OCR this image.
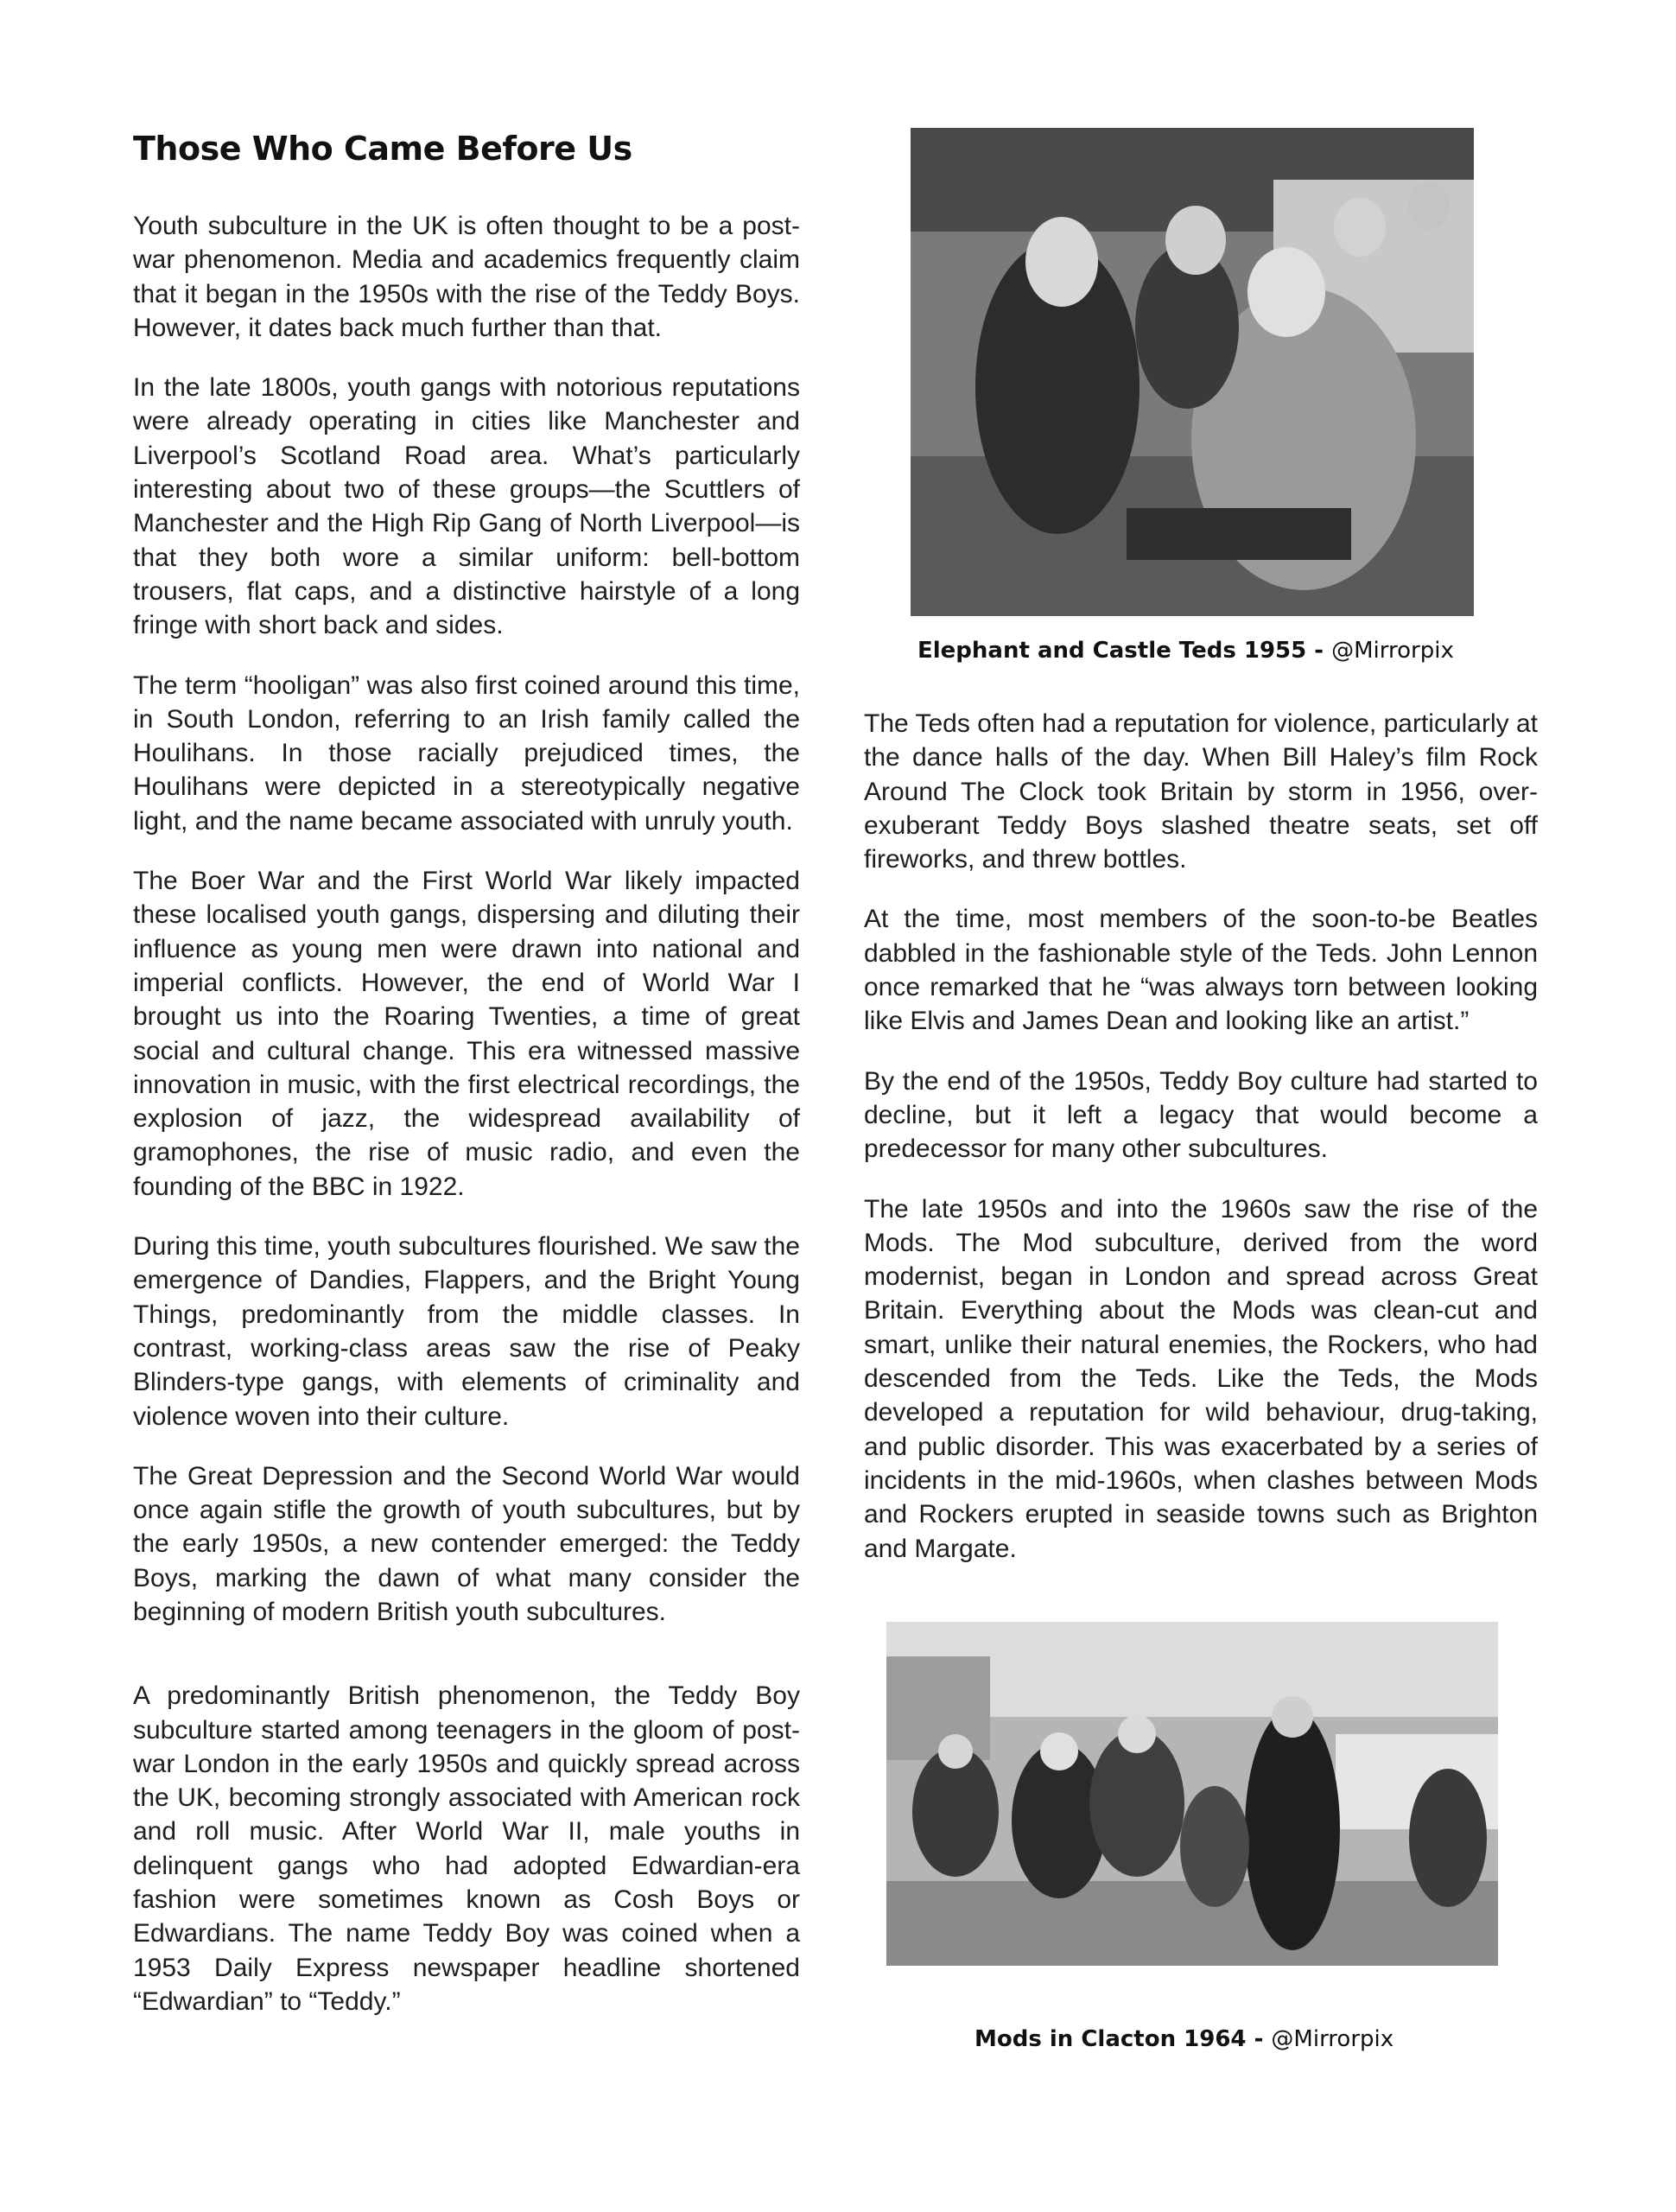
Those Who Came Before Us

Youth subculture in the UK is often thought to be a post-war phenomenon. Media and academics frequently claim that it began in the 1950s with the rise of the Teddy Boys. However, it dates back much further than that.

In the late 1800s, youth gangs with notorious reputations were already operating in cities like Manchester and Liverpool’s Scotland Road area. What’s particularly interesting about two of these groups—the Scuttlers of Manchester and the High Rip Gang of North Liverpool—is that they both wore a similar uniform: bell-bottom trousers, flat caps, and a distinctive hairstyle of a long fringe with short back and sides.

The term “hooligan” was also first coined around this time, in South London, referring to an Irish family called the Houlihans. In those racially prejudiced times, the Houlihans were depicted in a stereotypically negative light, and the name became associated with unruly youth.

The Boer War and the First World War likely impacted these localised youth gangs, dispersing and diluting their influence as young men were drawn into national and imperial conflicts. However, the end of World War I brought us into the Roaring Twenties, a time of great social and cultural change. This era witnessed massive innovation in music, with the first electrical recordings, the explosion of jazz, the widespread availability of gramophones, the rise of music radio, and even the founding of the BBC in 1922.

During this time, youth subcultures flourished. We saw the emergence of Dandies, Flappers, and the Bright Young Things, predominantly from the middle classes. In contrast, working-class areas saw the rise of Peaky Blinders-type gangs, with elements of criminality and violence woven into their culture.

The Great Depression and the Second World War would once again stifle the growth of youth subcultures, but by the early 1950s, a new contender emerged: the Teddy Boys, marking the dawn of what many consider the beginning of modern British youth subcultures.

A predominantly British phenomenon, the Teddy Boy subculture started among teenagers in the gloom of post-war London in the early 1950s and quickly spread across the UK, becoming strongly associated with American rock and roll music. After World War II, male youths in delinquent gangs who had adopted Edwardian-era fashion were sometimes known as Cosh Boys or Edwardians. The name Teddy Boy was coined when a 1953 Daily Express newspaper headline shortened “Edwardian” to “Teddy.”

Elephant and Castle Teds 1955 - @Mirrorpix

The Teds often had a reputation for violence, particularly at the dance halls of the day. When Bill Haley’s film Rock Around The Clock took Britain by storm in 1956, over-exuberant Teddy Boys slashed theatre seats, set off fireworks, and threw bottles.

At the time, most members of the soon-to-be Beatles dabbled in the fashionable style of the Teds. John Lennon once remarked that he “was always torn between looking like Elvis and James Dean and looking like an artist.”

By the end of the 1950s, Teddy Boy culture had started to decline, but it left a legacy that would become a predecessor for many other subcultures.

The late 1950s and into the 1960s saw the rise of the Mods. The Mod subculture, derived from the word modernist, began in London and spread across Great Britain. Everything about the Mods was clean-cut and smart, unlike their natural enemies, the Rockers, who had descended from the Teds. Like the Teds, the Mods developed a reputation for wild behaviour, drug-taking, and public disorder. This was exacerbated by a series of incidents in the mid-1960s, when clashes between Mods and Rockers erupted in seaside towns such as Brighton and Margate.

Mods in Clacton 1964 - @Mirrorpix
